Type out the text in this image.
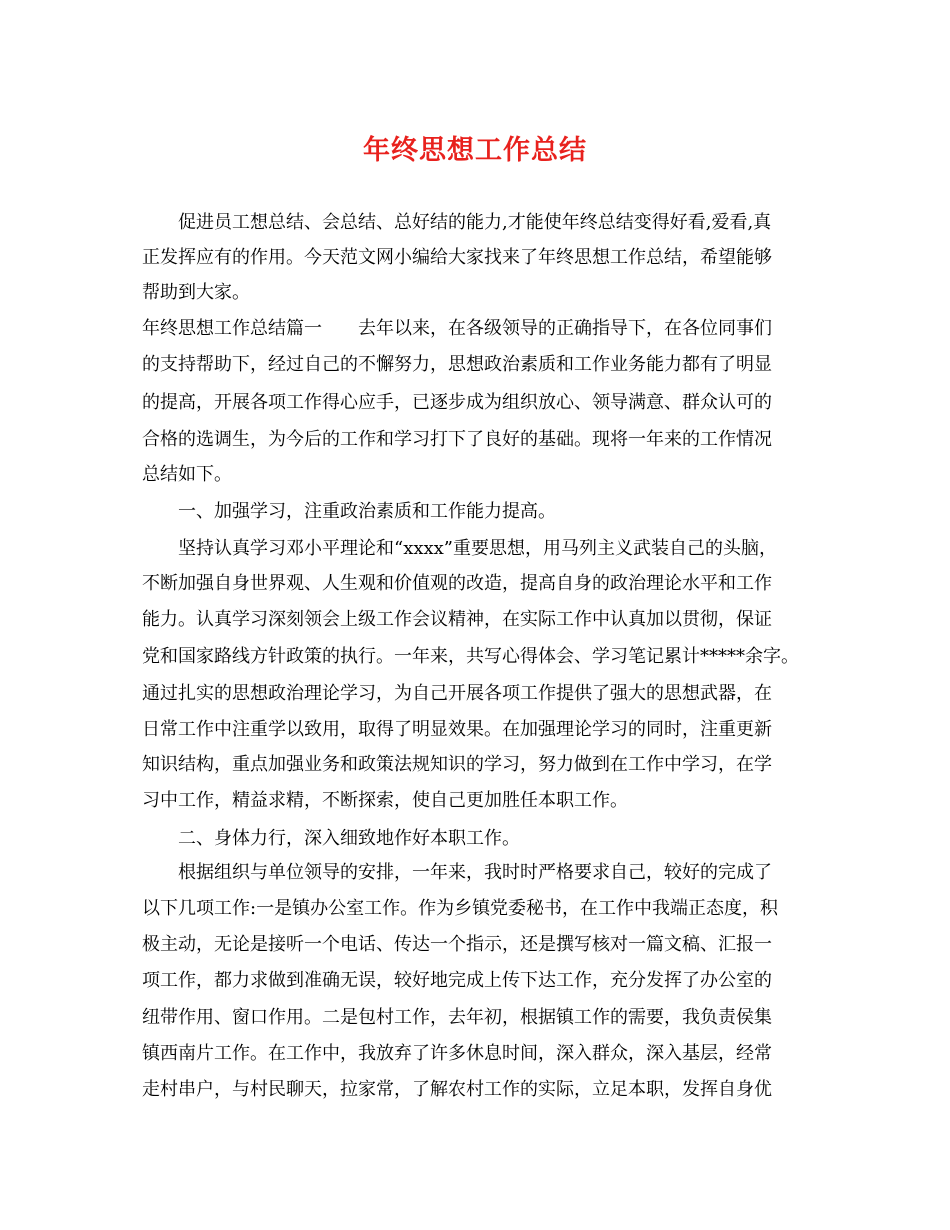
年终思想工作总结
　　促进员工想总结、会总结、总好结的能力,才能使年终总结变得好看,爱看,真
正发挥应有的作用。今天范文网小编给大家找来了年终思想工作总结，希望能够
帮助到大家。
年终思想工作总结篇一　　去年以来，在各级领导的正确指导下，在各位同事们
的支持帮助下，经过自己的不懈努力，思想政治素质和工作业务能力都有了明显
的提高，开展各项工作得心应手，已逐步成为组织放心、领导满意、群众认可的
合格的选调生，为今后的工作和学习打下了良好的基础。现将一年来的工作情况
总结如下。
　　一、加强学习，注重政治素质和工作能力提高。
　　坚持认真学习邓小平理论和“xxxx”重要思想，用马列主义武装自己的头脑，
不断加强自身世界观、人生观和价值观的改造，提高自身的政治理论水平和工作
能力。认真学习深刻领会上级工作会议精神，在实际工作中认真加以贯彻，保证
党和国家路线方针政策的执行。一年来，共写心得体会、学习笔记累计*****余字。
通过扎实的思想政治理论学习，为自己开展各项工作提供了强大的思想武器，在
日常工作中注重学以致用，取得了明显效果。在加强理论学习的同时，注重更新
知识结构，重点加强业务和政策法规知识的学习，努力做到在工作中学习，在学
习中工作，精益求精，不断探索，使自己更加胜任本职工作。
　　二、身体力行，深入细致地作好本职工作。
　　根据组织与单位领导的安排，一年来，我时时严格要求自己，较好的完成了
以下几项工作:一是镇办公室工作。作为乡镇党委秘书，在工作中我端正态度，积
极主动，无论是接听一个电话、传达一个指示，还是撰写核对一篇文稿、汇报一
项工作，都力求做到准确无误，较好地完成上传下达工作，充分发挥了办公室的
纽带作用、窗口作用。二是包村工作，去年初，根据镇工作的需要，我负责侯集
镇西南片工作。在工作中，我放弃了许多休息时间，深入群众，深入基层，经常
走村串户，与村民聊天，拉家常，了解农村工作的实际，立足本职，发挥自身优
